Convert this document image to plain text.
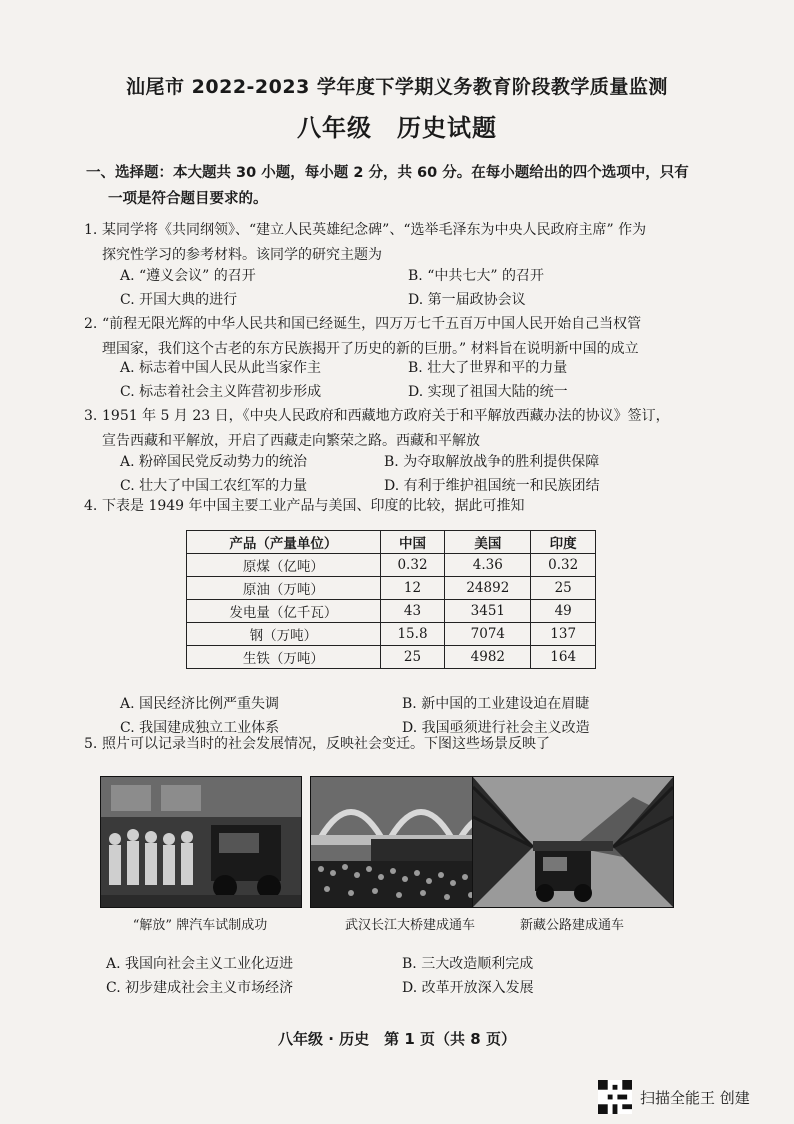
汕尾市 2022-2023 学年度下学期义务教育阶段教学质量监测
八年级　历史试题
一、选择题：本大题共 30 小题，每小题 2 分，共 60 分。在每小题给出的四个选项中，只有
一项是符合题目要求的。
1. 某同学将《共同纲领》、“建立人民英雄纪念碑”、“选举毛泽东为中央人民政府主席” 作为
探究性学习的参考材料。该同学的研究主题为
A. “遵义会议” 的召开	B. “中共七大” 的召开
C. 开国大典的进行	D. 第一届政协会议
2. “前程无限光辉的中华人民共和国已经诞生，四万万七千五百万中国人民开始自己当权管
理国家，我们这个古老的东方民族揭开了历史的新的巨册。” 材料旨在说明新中国的成立
A. 标志着中国人民从此当家作主	B. 壮大了世界和平的力量
C. 标志着社会主义阵营初步形成	D. 实现了祖国大陆的统一
3. 1951 年 5 月 23 日，《中央人民政府和西藏地方政府关于和平解放西藏办法的协议》签订，
宣告西藏和平解放，开启了西藏走向繁荣之路。西藏和平解放
A. 粉碎国民党反动势力的统治	B. 为夺取解放战争的胜利提供保障
C. 壮大了中国工农红军的力量	D. 有利于维护祖国统一和民族团结
4. 下表是 1949 年中国主要工业产品与美国、印度的比较，据此可推知
产品（产量单位）	中国	美国	印度
原煤（亿吨）	0.32	4.36	0.32
原油（万吨）	12	24892	25
发电量（亿千瓦）	43	3451	49
钢（万吨）	15.8	7074	137
生铁（万吨）	25	4982	164
A. 国民经济比例严重失调	B. 新中国的工业建设迫在眉睫
C. 我国建成独立工业体系	D. 我国亟须进行社会主义改造
5. 照片可以记录当时的社会发展情况，反映社会变迁。下图这些场景反映了
“解放” 牌汽车试制成功	武汉长江大桥建成通车	新藏公路建成通车
A. 我国向社会主义工业化迈进	B. 三大改造顺利完成
C. 初步建成社会主义市场经济	D. 改革开放深入发展
八年级 · 历史　第 1 页（共 8 页）
扫描全能王 创建
